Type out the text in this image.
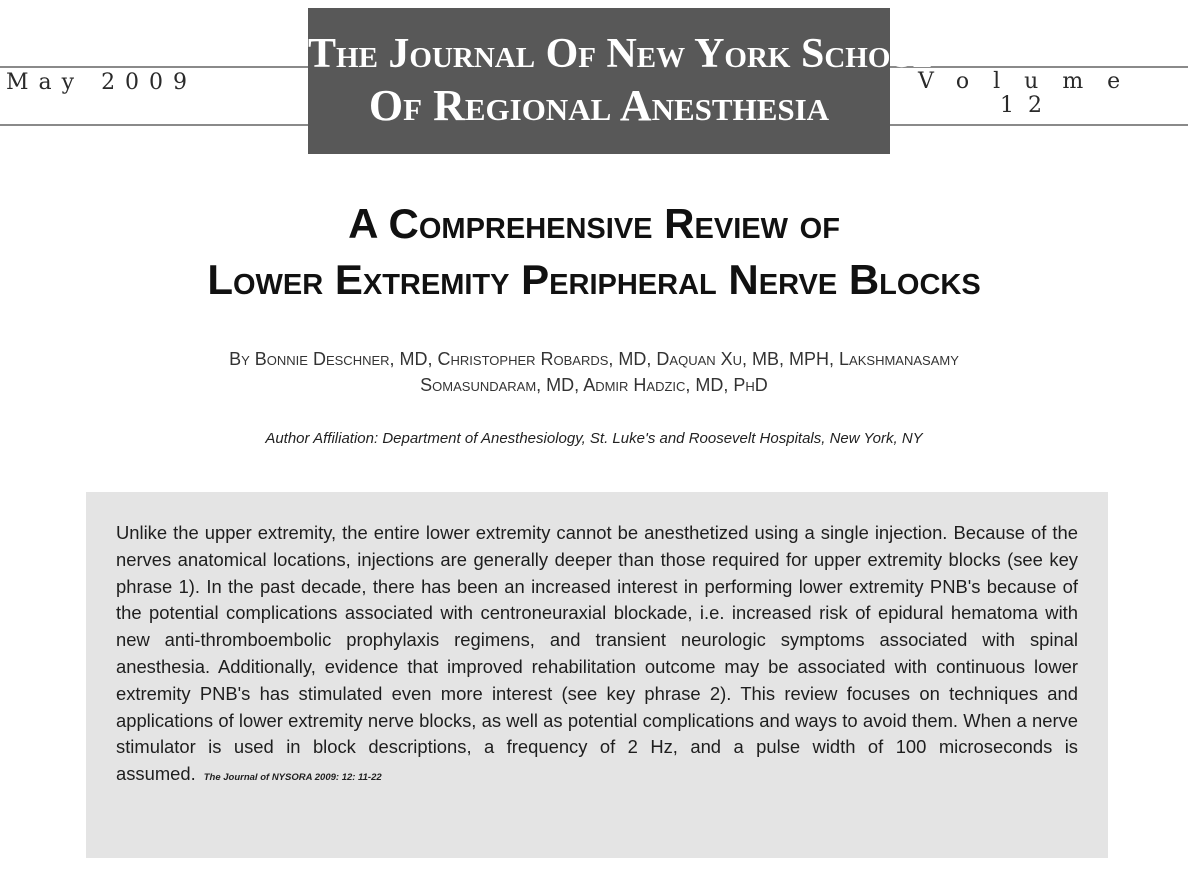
May 2009	Volume
12
The Journal Of New York School
Of Regional Anesthesia
A Comprehensive Review of
Lower Extremity Peripheral Nerve Blocks
By Bonnie Deschner, MD, Christopher Robards, MD, Daquan Xu, MB, MPH, Lakshmanasamy
Somasundaram, MD, Admir Hadzic, MD, PhD
Author Affiliation: Department of Anesthesiology, St. Luke's and Roosevelt Hospitals, New York, NY
Unlike the upper extremity, the entire lower extremity cannot be anesthetized using a single injection. Because of the nerves anatomical locations, injections are generally deeper than those required for upper extremity blocks (see key phrase 1). In the past decade, there has been an increased interest in performing lower extremity PNB's because of the potential complications associated with centroneuraxial blockade, i.e. increased risk of epidural hematoma with new anti-thromboembolic prophylaxis regimens, and transient neurologic symptoms associated with spinal anesthesia. Additionally, evidence that improved rehabilitation outcome may be associated with continuous lower extremity PNB's has stimulated even more interest (see key phrase 2). This review focuses on techniques and applications of lower extremity nerve blocks, as well as potential complications and ways to avoid them. When a nerve stimulator is used in block descriptions, a frequency of 2 Hz, and a pulse width of 100 microseconds is assumed. The Journal of NYSORA 2009: 12: 11-22
